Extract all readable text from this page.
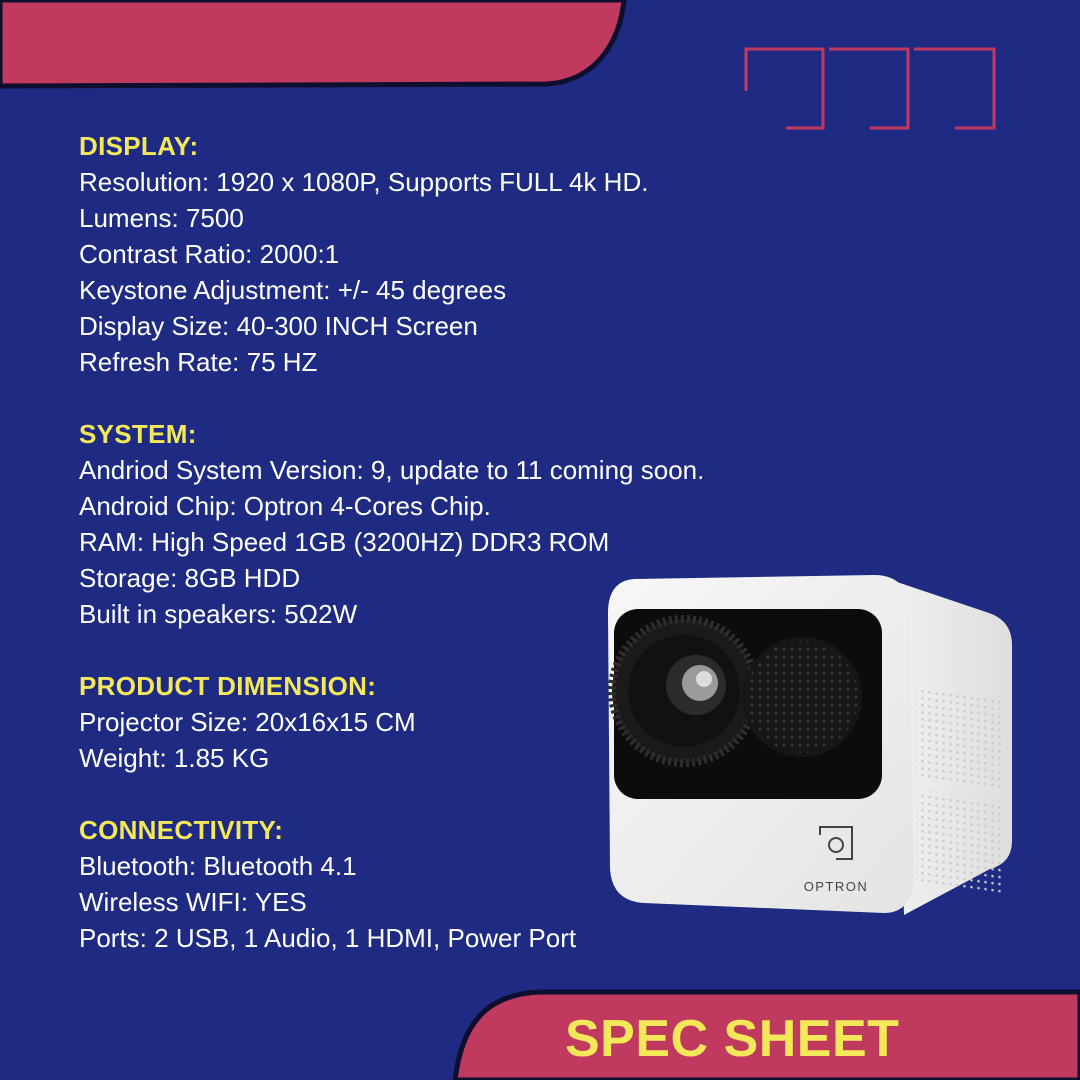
DISPLAY:
Resolution: 1920 x 1080P, Supports FULL 4k HD.
Lumens: 7500
Contrast Ratio: 2000:1
Keystone Adjustment: +/- 45 degrees
Display Size: 40-300 INCH Screen
Refresh Rate: 75 HZ
SYSTEM:
Andriod System Version: 9, update to 11 coming soon.
Android Chip: Optron 4-Cores Chip.
RAM: High Speed 1GB (3200HZ) DDR3 ROM
Storage: 8GB HDD
Built in speakers: 5Ω2W
PRODUCT DIMENSION:
Projector Size: 20x16x15 CM
Weight: 1.85 KG
CONNECTIVITY:
Bluetooth: Bluetooth 4.1
Wireless WIFI: YES
Ports: 2 USB, 1 Audio, 1 HDMI, Power Port
OPTRON
SPEC SHEET
